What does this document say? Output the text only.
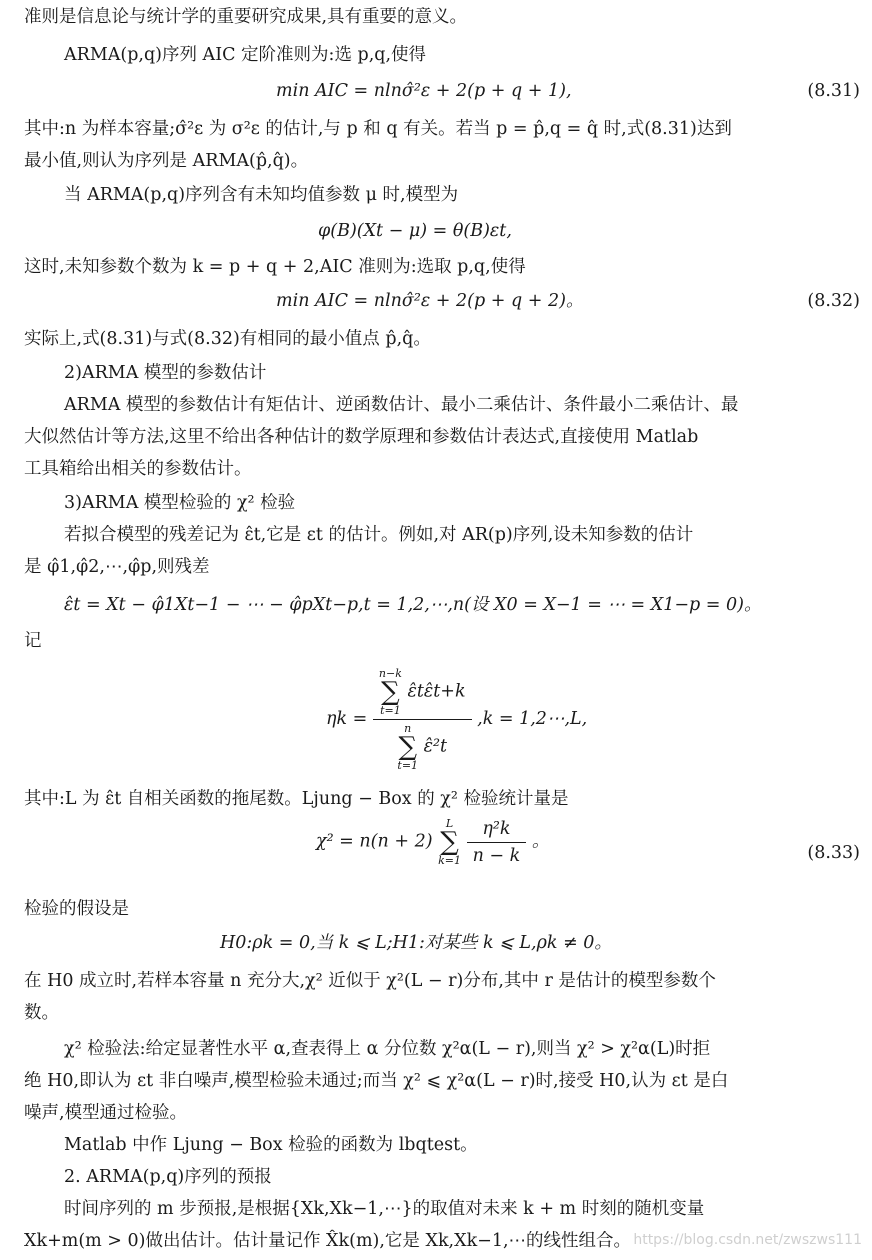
准则是信息论与统计学的重要研究成果,具有重要的意义。
ARMA(p,q)序列 AIC 定阶准则为:选 p,q,使得
min AIC = nlnσ̂²ε + 2(p + q + 1),	(8.31)
其中:n 为样本容量;σ̂²ε 为 σ²ε 的估计,与 p 和 q 有关。若当 p = p̂,q = q̂ 时,式(8.31)达到
最小值,则认为序列是 ARMA(p̂,q̂)。
当 ARMA(p,q)序列含有未知均值参数 μ 时,模型为
φ(B)(Xt − μ) = θ(B)εt,
这时,未知参数个数为 k = p + q + 2,AIC 准则为:选取 p,q,使得
min AIC = nlnσ̂²ε + 2(p + q + 2)。	(8.32)
实际上,式(8.31)与式(8.32)有相同的最小值点 p̂,q̂。
2)ARMA 模型的参数估计
ARMA 模型的参数估计有矩估计、逆函数估计、最小二乘估计、条件最小二乘估计、最
大似然估计等方法,这里不给出各种估计的数学原理和参数估计表达式,直接使用 Matlab
工具箱给出相关的参数估计。
3)ARMA 模型检验的 χ² 检验
若拟合模型的残差记为 ε̂t,它是 εt 的估计。例如,对 AR(p)序列,设未知参数的估计
是 φ̂1,φ̂2,⋯,φ̂p,则残差
ε̂t = Xt − φ̂1Xt−1 − ⋯ − φ̂pXt−p,t = 1,2,⋯,n(设 X0 = X−1 = ⋯ = X1−p = 0)。
记
ηk = n−k
∑
t=1
ε̂tε̂t+k
n
∑
t=1
ε̂²t ,k = 1,2⋯,L,
其中:L 为 ε̂t 自相关函数的拖尾数。Ljung − Box 的 χ² 检验统计量是
χ² = n(n + 2)
L
∑
k=1
$\frac{\text{η²k}}{n - k}$ 。
(8.33)
检验的假设是
H0:ρk = 0,当 k ⩽ L;H1:对某些 k ⩽ L,ρk ≠ 0。
在 H0 成立时,若样本容量 n 充分大,χ² 近似于 χ²(L − r)分布,其中 r 是估计的模型参数个
数。
χ² 检验法:给定显著性水平 α,查表得上 α 分位数 χ²α(L − r),则当 χ² > χ²α(L)时拒
绝 H0,即认为 εt 非白噪声,模型检验未通过;而当 χ² ⩽ χ²α(L − r)时,接受 H0,认为 εt 是白
噪声,模型通过检验。
Matlab 中作 Ljung − Box 检验的函数为 lbqtest。
2. ARMA(p,q)序列的预报
时间序列的 m 步预报,是根据{Xk,Xk−1,⋯}的取值对未来 k + m 时刻的随机变量
Xk+m(m > 0)做出估计。估计量记作 X̂k(m),它是 Xk,Xk−1,⋯的线性组合。 https://blog.csdn.net/zwszws111
